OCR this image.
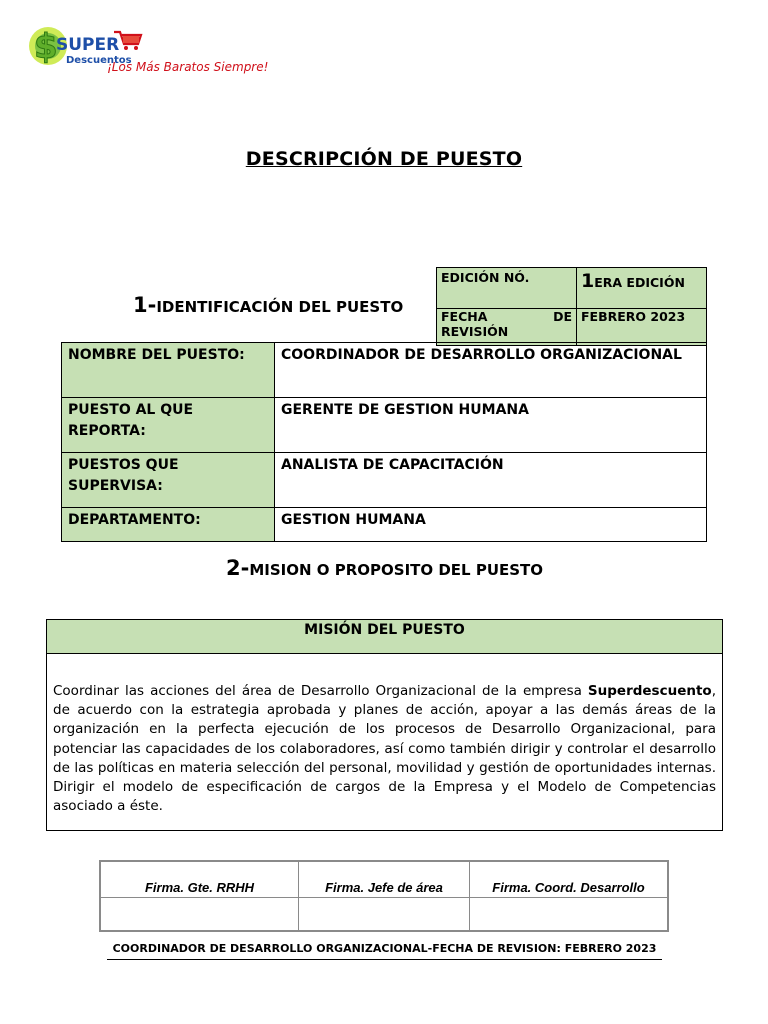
$
SUPER
Descuentos
¡Los Más Baratos Siempre!
DESCRIPCIÓN DE PUESTO
1-IDENTIFICACIÓN DEL PUESTO
EDICIÓN NÓ.	1ERA EDICIÓN

FECHA DE
REVISIÓN	FEBRERO 2023
NOMBRE DEL PUESTO:	COORDINADOR DE DESARROLLO ORGANIZACIONAL
PUESTO AL QUE REPORTA:	GERENTE DE GESTION HUMANA
PUESTOS QUE SUPERVISA:	ANALISTA DE CAPACITACIÓN
DEPARTAMENTO:	GESTION HUMANA
2-MISION O PROPOSITO DEL PUESTO
MISIÓN DEL PUESTO
Coordinar las acciones del área de Desarrollo Organizacional de la empresa Superdescuento, de acuerdo con la estrategia aprobada y planes de acción, apoyar a las demás áreas de la organización en la perfecta ejecución de los procesos de Desarrollo Organizacional, para potenciar las capacidades de los colaboradores, así como también dirigir y controlar el desarrollo de las políticas en materia selección del personal, movilidad y gestión de oportunidades internas. Dirigir el modelo de especificación de cargos de la Empresa y el Modelo de Competencias asociado a éste.
Firma. Gte. RRHH	Firma. Jefe de área	Firma. Coord. Desarrollo

COORDINADOR DE DESARROLLO ORGANIZACIONAL-FECHA DE REVISION: FEBRERO 2023
